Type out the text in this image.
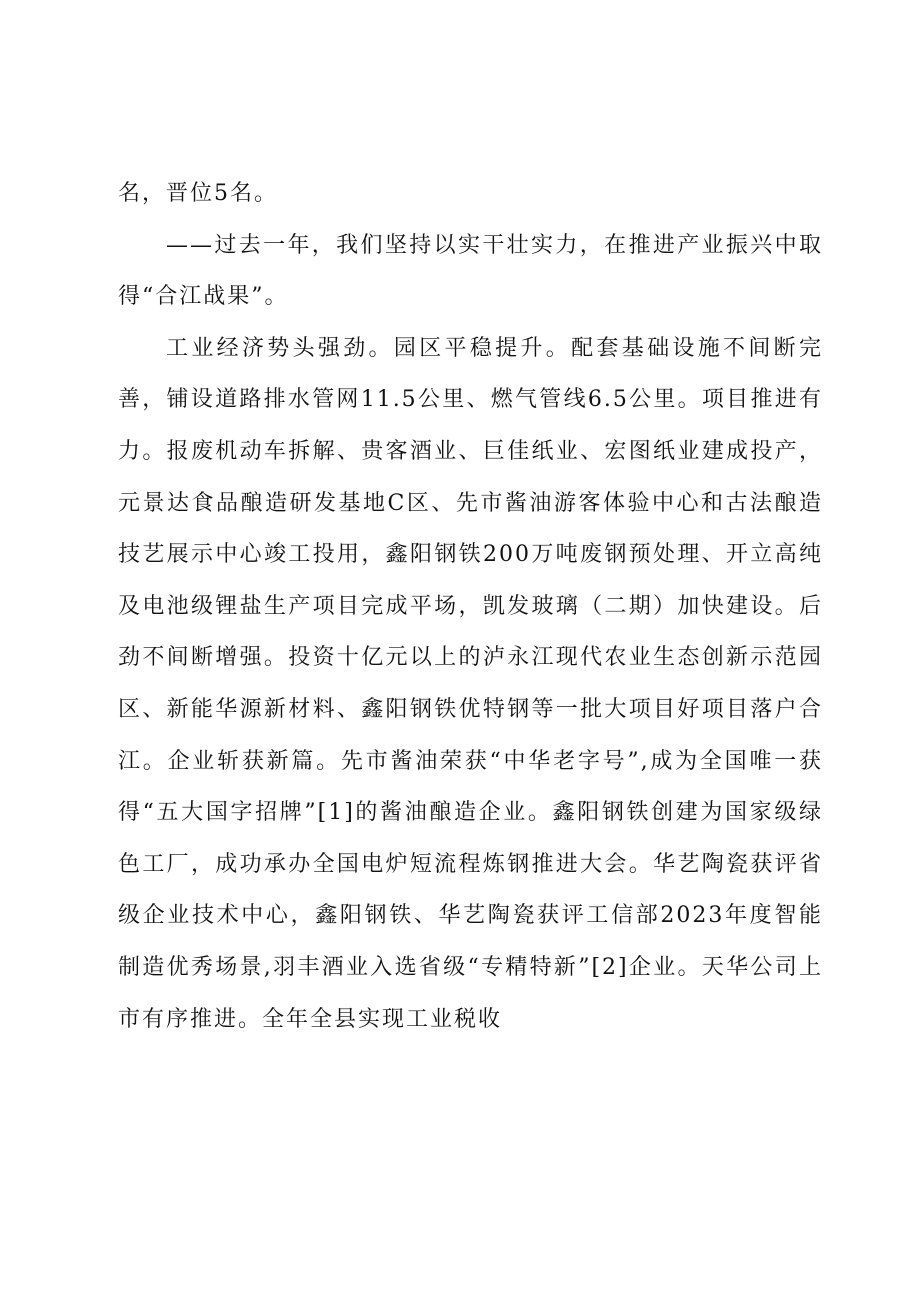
名，晋位5名。

——过去一年，我们坚持以实干壮实力，在推进产业振兴中取得“合江战果”。

工业经济势头强劲。园区平稳提升。配套基础设施不间断完善，铺设道路排水管网11.5公里、燃气管线6.5公里。项目推进有力。报废机动车拆解、贵客酒业、巨佳纸业、宏图纸业建成投产，元景达食品酿造研发基地C区、先市酱油游客体验中心和古法酿造技艺展示中心竣工投用，鑫阳钢铁200万吨废钢预处理、开立高纯及电池级锂盐生产项目完成平场，凯发玻璃（二期）加快建设。后劲不间断增强。投资十亿元以上的泸永江现代农业生态创新示范园区、新能华源新材料、鑫阳钢铁优特钢等一批大项目好项目落户合江。企业斩获新篇。先市酱油荣获“中华老字号”,成为全国唯一获得“五大国字招牌”[1]的酱油酿造企业。鑫阳钢铁创建为国家级绿色工厂，成功承办全国电炉短流程炼钢推进大会。华艺陶瓷获评省级企业技术中心，鑫阳钢铁、华艺陶瓷获评工信部2023年度智能制造优秀场景,羽丰酒业入选省级“专精特新”[2]企业。天华公司上市有序推进。全年全县实现工业税收
